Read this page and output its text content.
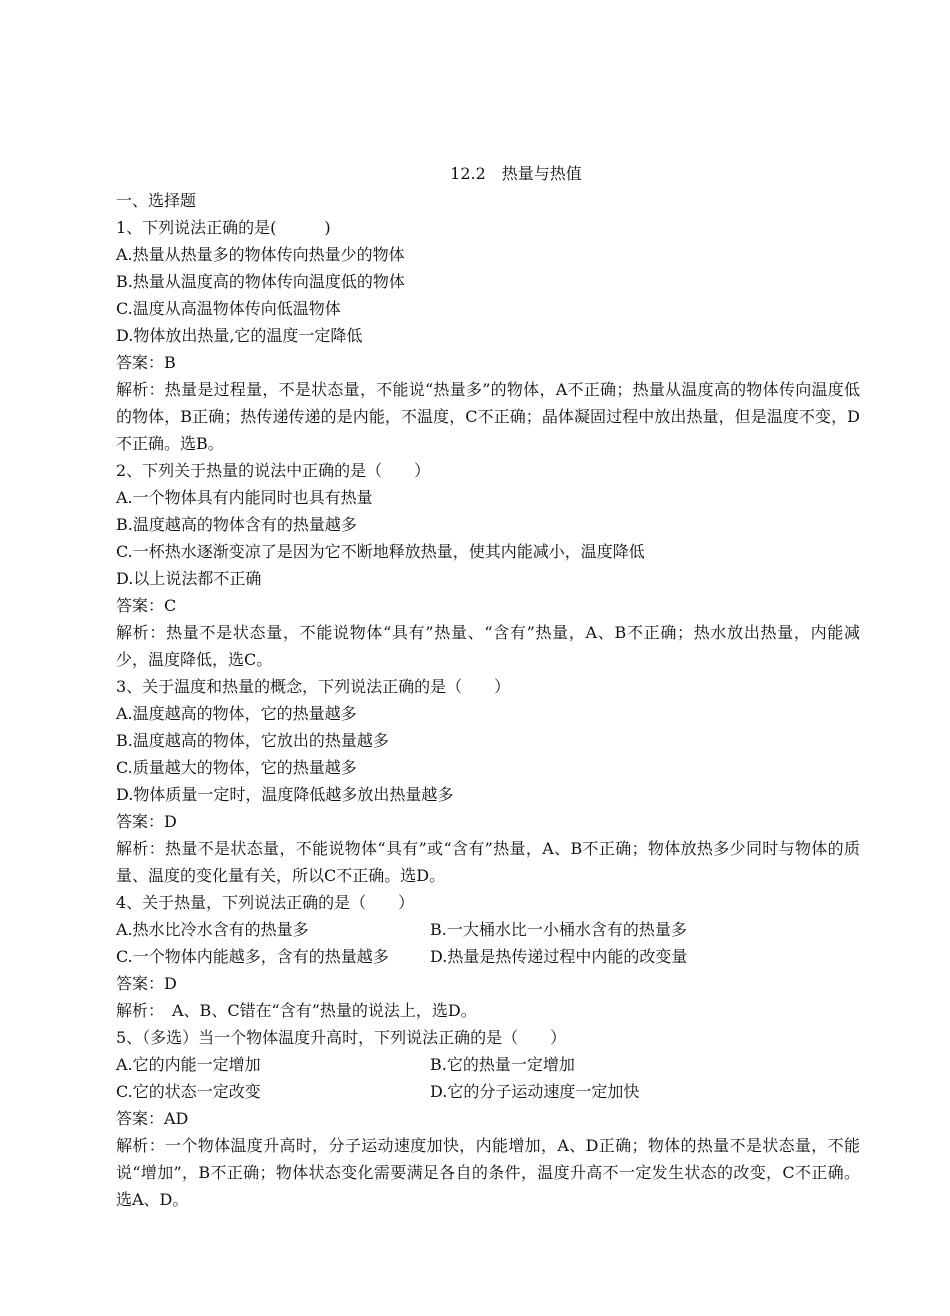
12.2　热量与热值
一、选择题
1、下列说法正确的是(　　　)
A.热量从热量多的物体传向热量少的物体
B.热量从温度高的物体传向温度低的物体
C.温度从高温物体传向低温物体
D.物体放出热量,它的温度一定降低
答案：B
解析：热量是过程量，不是状态量，不能说“热量多”的物体，A不正确；热量从温度高的物体传向温度低的物体，B正确；热传递传递的是内能，不温度，C不正确；晶体凝固过程中放出热量，但是温度不变，D不正确。选B。
2、下列关于热量的说法中正确的是（　　）
A.一个物体具有内能同时也具有热量
B.温度越高的物体含有的热量越多
C.一杯热水逐渐变凉了是因为它不断地释放热量，使其内能减小，温度降低
D.以上说法都不正确
答案：C
解析：热量不是状态量，不能说物体“具有”热量、“含有”热量，A、B不正确；热水放出热量，内能减少，温度降低，选C。
3、关于温度和热量的概念，下列说法正确的是（　　）
A.温度越高的物体，它的热量越多
B.温度越高的物体，它放出的热量越多
C.质量越大的物体，它的热量越多
D.物体质量一定时，温度降低越多放出热量越多
答案：D
解析：热量不是状态量，不能说物体“具有”或“含有”热量，A、B不正确；物体放热多少同时与物体的质量、温度的变化量有关，所以C不正确。选D。
4、关于热量，下列说法正确的是（　　）
A.热水比冷水含有的热量多	B.一大桶水比一小桶水含有的热量多
C.一个物体内能越多，含有的热量越多	D.热量是热传递过程中内能的改变量
答案：D
解析：　A、B、C错在“含有”热量的说法上，选D。
5、（多选）当一个物体温度升高时，下列说法正确的是（　　）
A.它的内能一定增加	B.它的热量一定增加
C.它的状态一定改变	D.它的分子运动速度一定加快
答案：AD
解析：一个物体温度升高时，分子运动速度加快，内能增加，A、D正确；物体的热量不是状态量，不能说“增加”，B不正确；物体状态变化需要满足各自的条件，温度升高不一定发生状态的改变，C不正确。选A、D。
